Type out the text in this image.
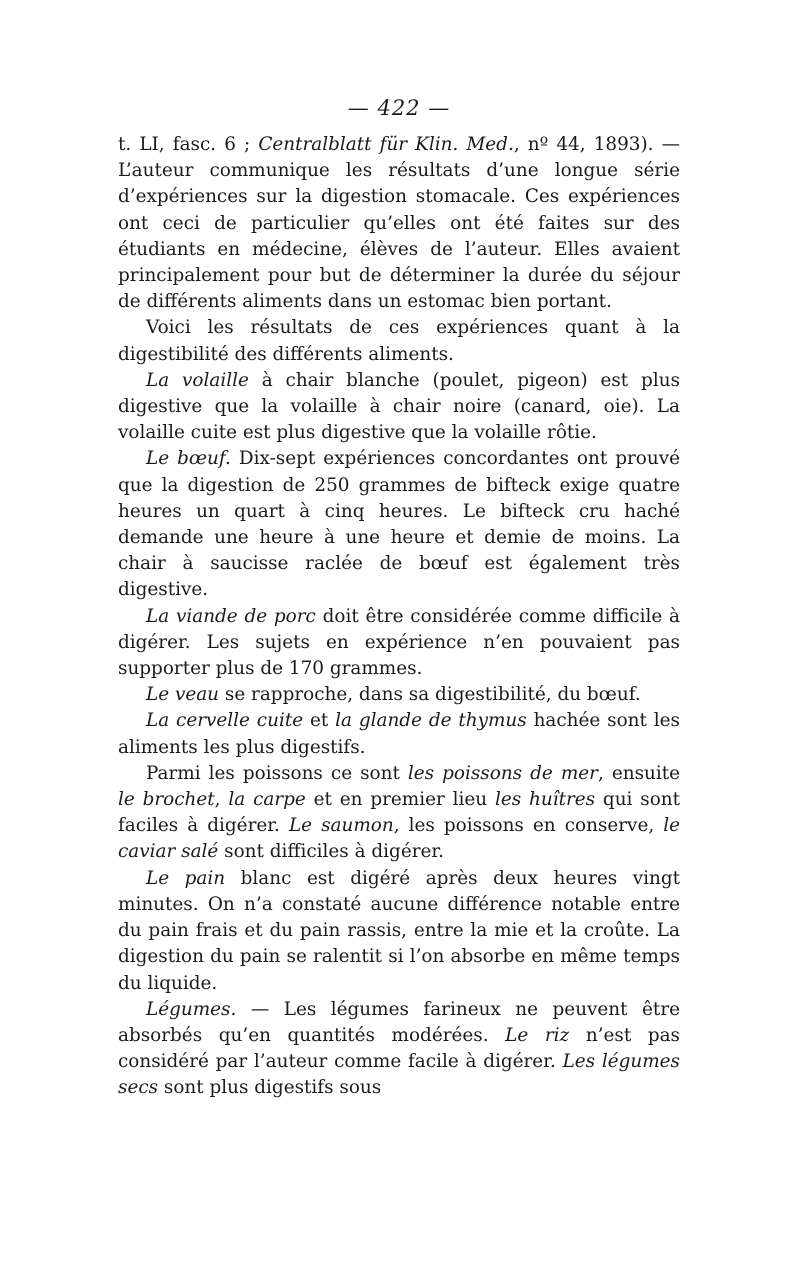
— 422 —

t. LI, fasc. 6 ; Centralblatt für Klin. Med., nº 44, 1893). — L’auteur communique les résultats d’une longue série d’expériences sur la digestion stomacale. Ces expériences ont ceci de particulier qu’elles ont été faites sur des étudiants en médecine, élèves de l’auteur. Elles avaient principalement pour but de déterminer la durée du séjour de différents aliments dans un estomac bien portant.

Voici les résultats de ces expériences quant à la digestibilité des différents aliments.

La volaille à chair blanche (poulet, pigeon) est plus digestive que la volaille à chair noire (canard, oie). La volaille cuite est plus digestive que la volaille rôtie.

Le bœuf. Dix-sept expériences concordantes ont prouvé que la digestion de 250 grammes de bifteck exige quatre heures un quart à cinq heures. Le bifteck cru haché demande une heure à une heure et demie de moins. La chair à saucisse raclée de bœuf est également très digestive.

La viande de porc doit être considérée comme difficile à digérer. Les sujets en expérience n’en pouvaient pas supporter plus de 170 grammes.

Le veau se rapproche, dans sa digestibilité, du bœuf.

La cervelle cuite et la glande de thymus hachée sont les aliments les plus digestifs.

Parmi les poissons ce sont les poissons de mer, ensuite le brochet, la carpe et en premier lieu les huîtres qui sont faciles à digérer. Le saumon, les poissons en conserve, le caviar salé sont difficiles à digérer.

Le pain blanc est digéré après deux heures vingt minutes. On n’a constaté aucune différence notable entre du pain frais et du pain rassis, entre la mie et la croûte. La digestion du pain se ralentit si l’on absorbe en même temps du liquide.

Légumes. — Les légumes farineux ne peuvent être absorbés qu’en quantités modérées. Le riz n’est pas considéré par l’auteur comme facile à digérer. Les légumes secs sont plus digestifs sous
